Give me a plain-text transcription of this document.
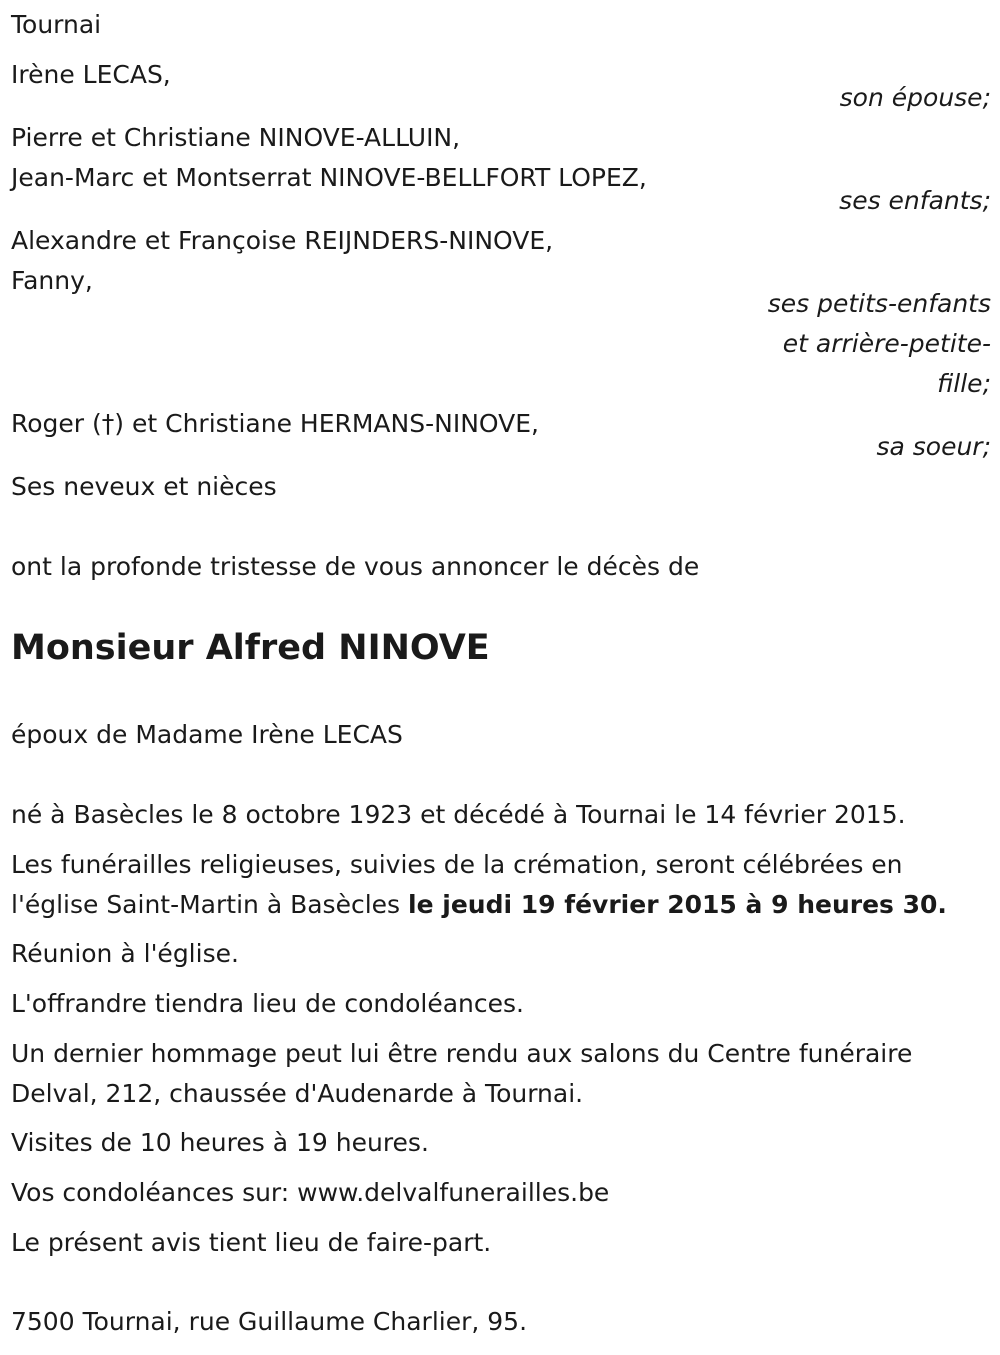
Tournai
Irène LECAS,
son épouse;
Pierre et Christiane NINOVE-ALLUIN,
Jean-Marc et Montserrat NINOVE-BELLFORT LOPEZ,
ses enfants;
Alexandre et Françoise REIJNDERS-NINOVE,
Fanny,
ses petits-enfants
et arrière-petite-
fille;
Roger (†) et Christiane HERMANS-NINOVE,
sa soeur;
Ses neveux et nièces
ont la profonde tristesse de vous annoncer le décès de
Monsieur Alfred NINOVE
époux de Madame Irène LECAS
né à Basècles le 8 octobre 1923 et décédé à Tournai le 14 février 2015.
Les funérailles religieuses, suivies de la crémation, seront célébrées en
l'église Saint-Martin à Basècles le jeudi 19 février 2015 à 9 heures 30.
Réunion à l'église.
L'offrandre tiendra lieu de condoléances.
Un dernier hommage peut lui être rendu aux salons du Centre funéraire
Delval, 212, chaussée d'Audenarde à Tournai.
Visites de 10 heures à 19 heures.
Vos condoléances sur: www.delvalfunerailles.be
Le présent avis tient lieu de faire-part.
7500 Tournai, rue Guillaume Charlier, 95.
